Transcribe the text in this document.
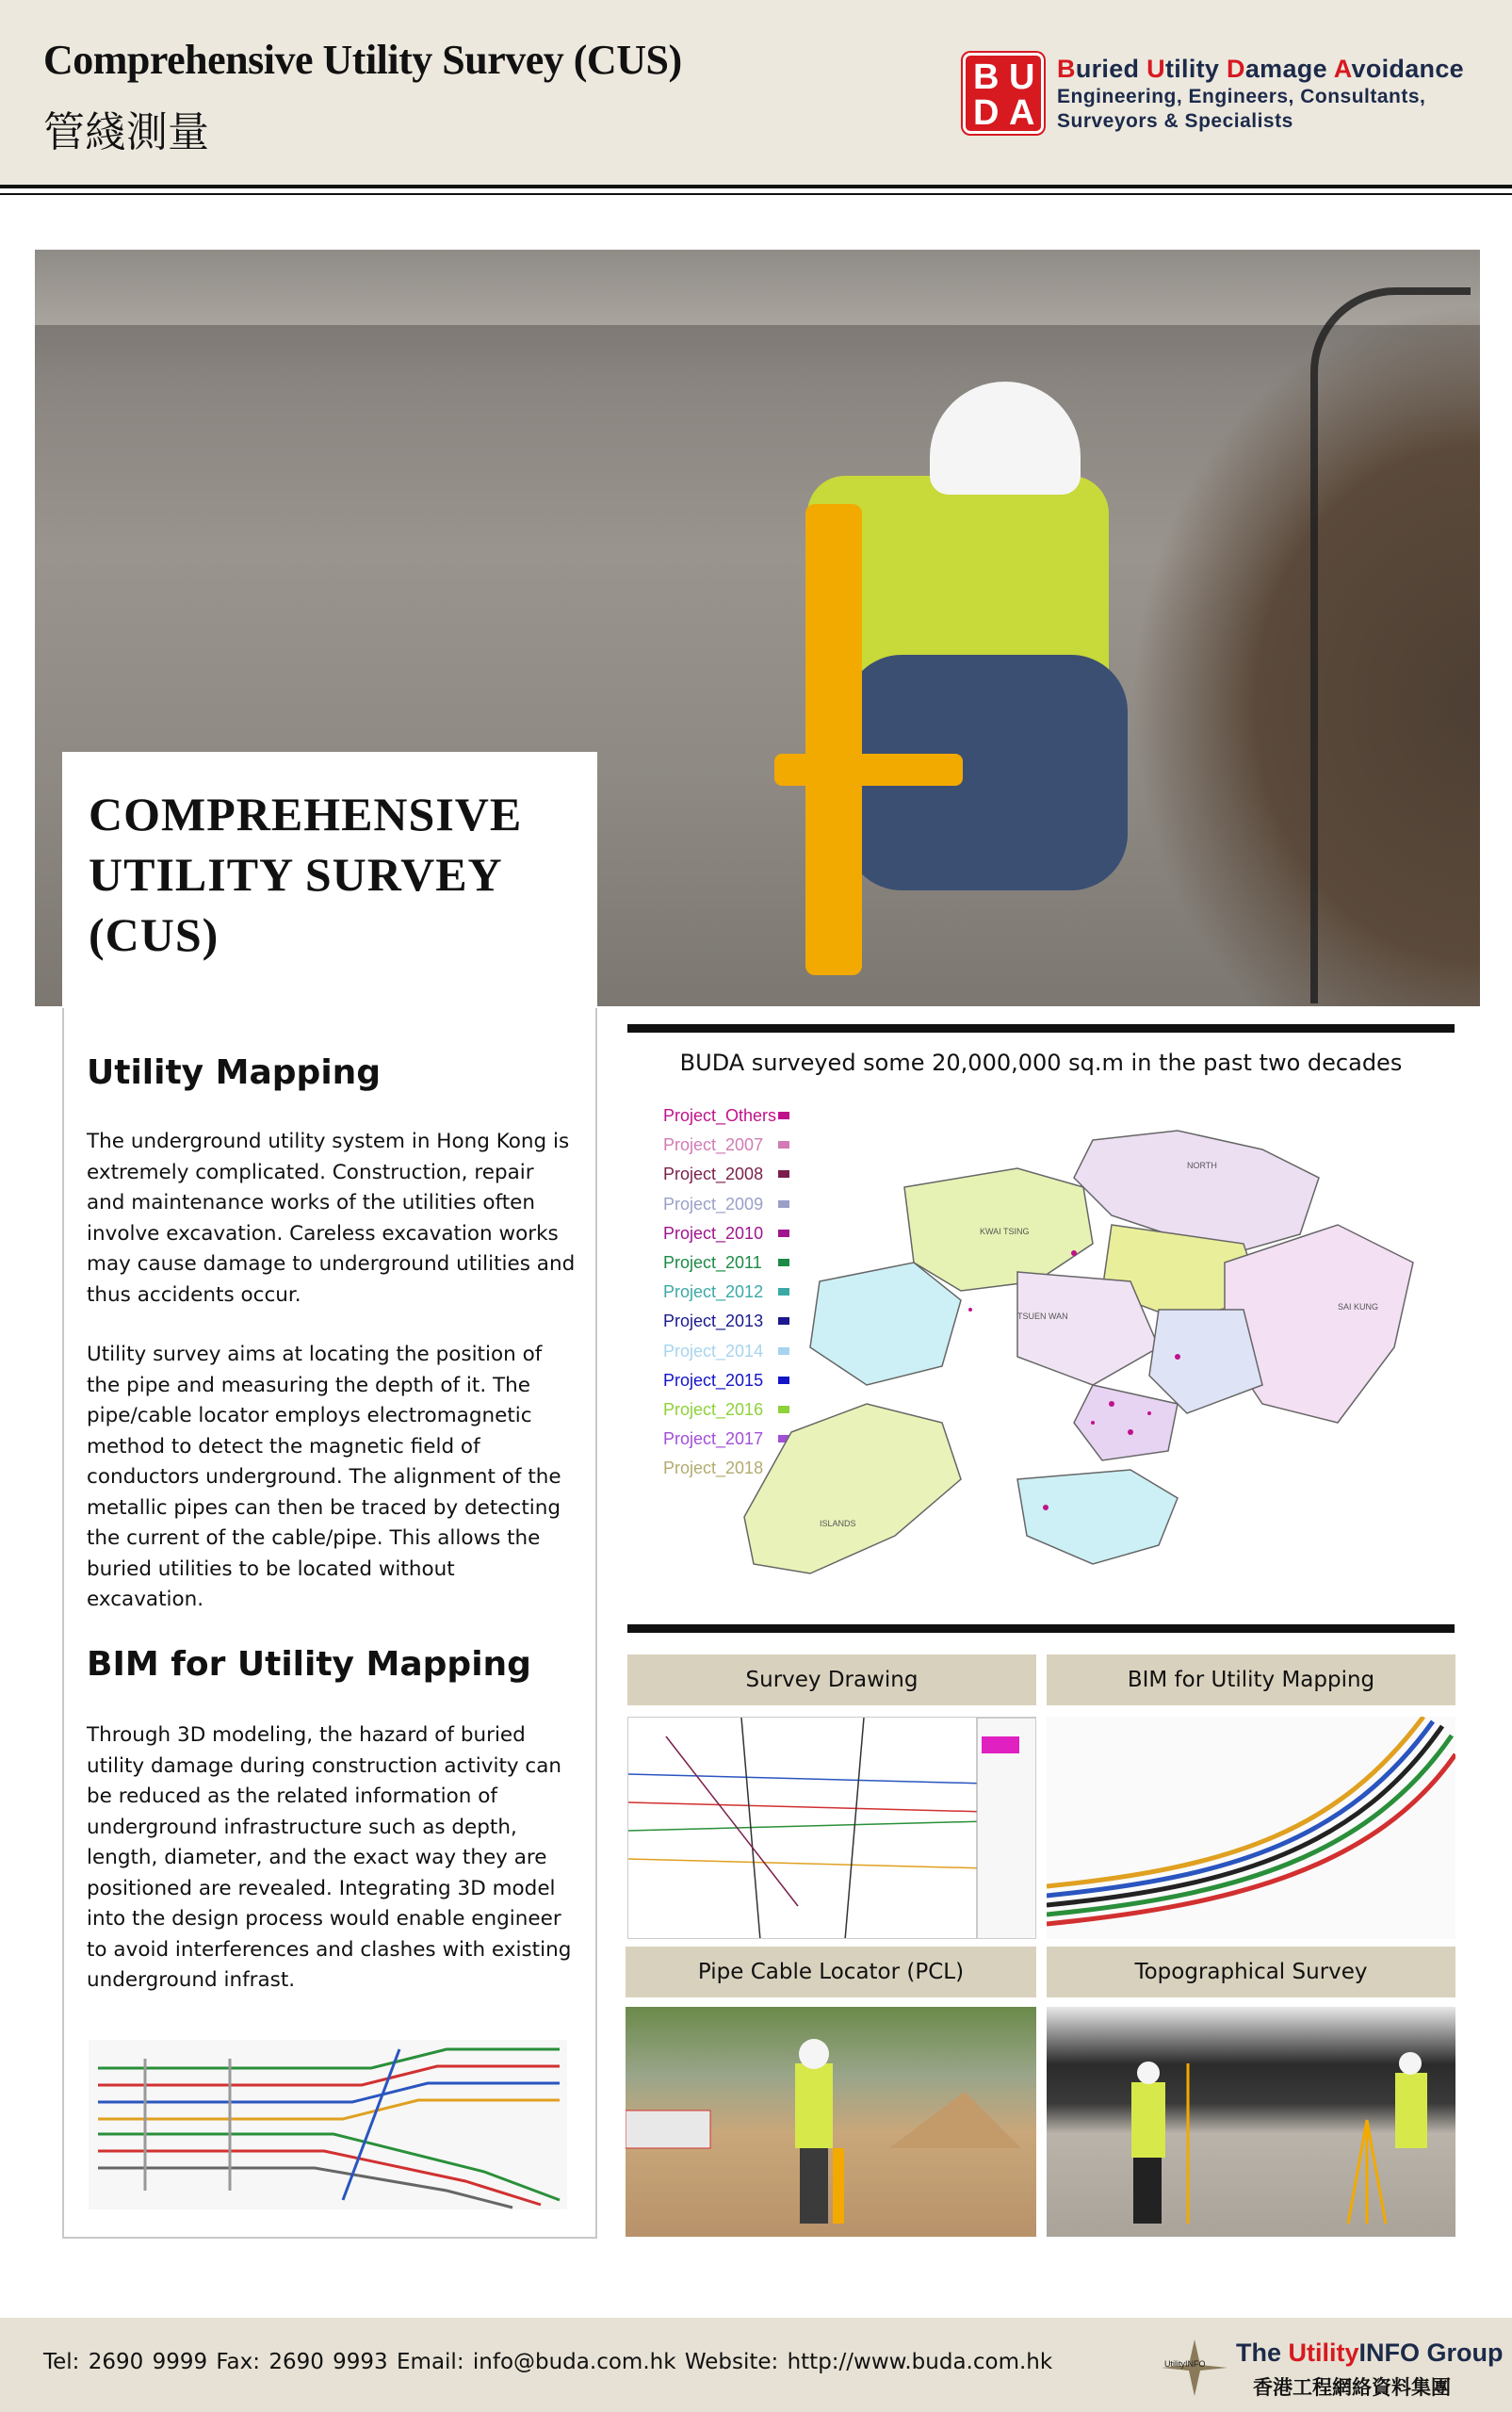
Comprehensive Utility Survey (CUS)
管綫測量
B U
D A
Buried Utility Damage Avoidance
Engineering, Engineers, Consultants,
Surveyors & Specialists
COMPREHENSIVE UTILITY SURVEY (CUS)
Utility Mapping

The underground utility system in Hong Kong is extremely complicated. Construction, repair and maintenance works of the utilities often involve excavation. Careless excavation works may cause damage to underground utilities and thus accidents occur.

Utility survey aims at locating the position of the pipe and measuring the depth of it. The pipe/cable locator employs electromagnetic method to detect the magnetic field of conductors underground. The alignment of the metallic pipes can then be traced by detecting the current of the cable/pipe. This allows the buried utilities to be located without excavation.

BIM for Utility Mapping

Through 3D modeling, the hazard of buried utility damage during construction activity can be reduced as the related information of underground infrastructure such as depth, length, diameter, and the exact way they are positioned are revealed. Integrating 3D model into the design process would enable engineer to avoid interferences and clashes with existing underground infrast.

BUDA surveyed some 20,000,000 sq.m in the past two decades
Project_Others
Project_2007
Project_2008
Project_2009
Project_2010
Project_2011
Project_2012
Project_2013
Project_2014
Project_2015
Project_2016
Project_2017
Project_2018
NORTH
KWAI TSING
TSUEN WAN
SAI KUNG
ISLANDS
Survey Drawing	BIM for Utility Mapping
Pipe Cable Locator (PCL)	Topographical Survey
Tel: 2690 9999 Fax: 2690 9993 Email: info@buda.com.hk Website: http://www.buda.com.hk	UtilityINFO The UtilityINFO Group
香港工程網絡資料集團
